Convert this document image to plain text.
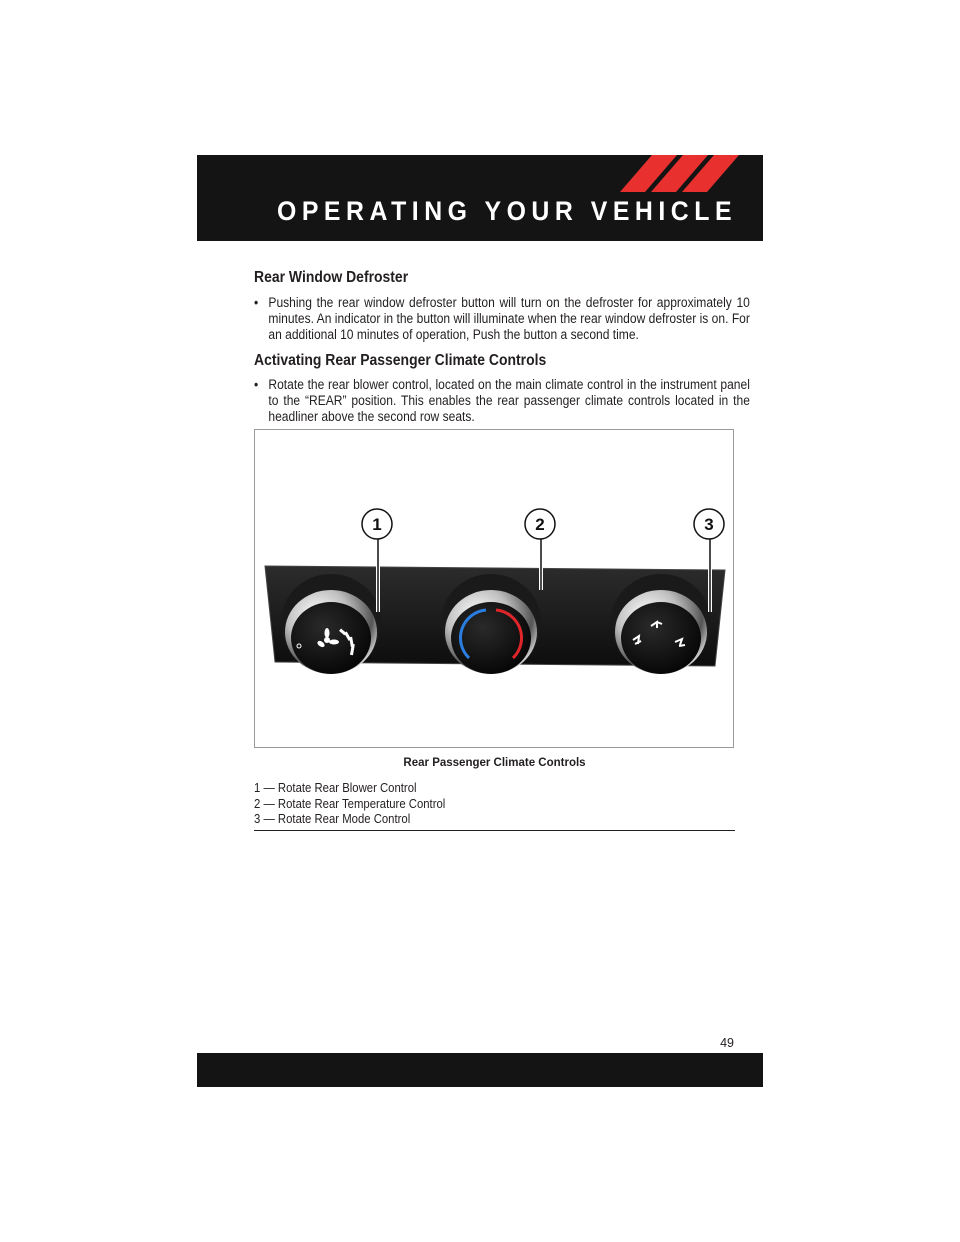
OPERATING YOUR VEHICLE
Rear Window Defroster
• Pushing the rear window defroster button will turn on the defroster for approximately 10 minutes. An indicator in the button will illuminate when the rear window defroster is on. For an additional 10 minutes of operation, Push the button a second time.
Activating Rear Passenger Climate Controls
• Rotate the rear blower control, located on the main climate control in the instrument panel to the “REAR” position. This enables the rear passenger climate controls located in the headliner above the second row seats.
1	2	3
Rear Passenger Climate Controls
1 — Rotate Rear Blower Control
2 — Rotate Rear Temperature Control
3 — Rotate Rear Mode Control
49
